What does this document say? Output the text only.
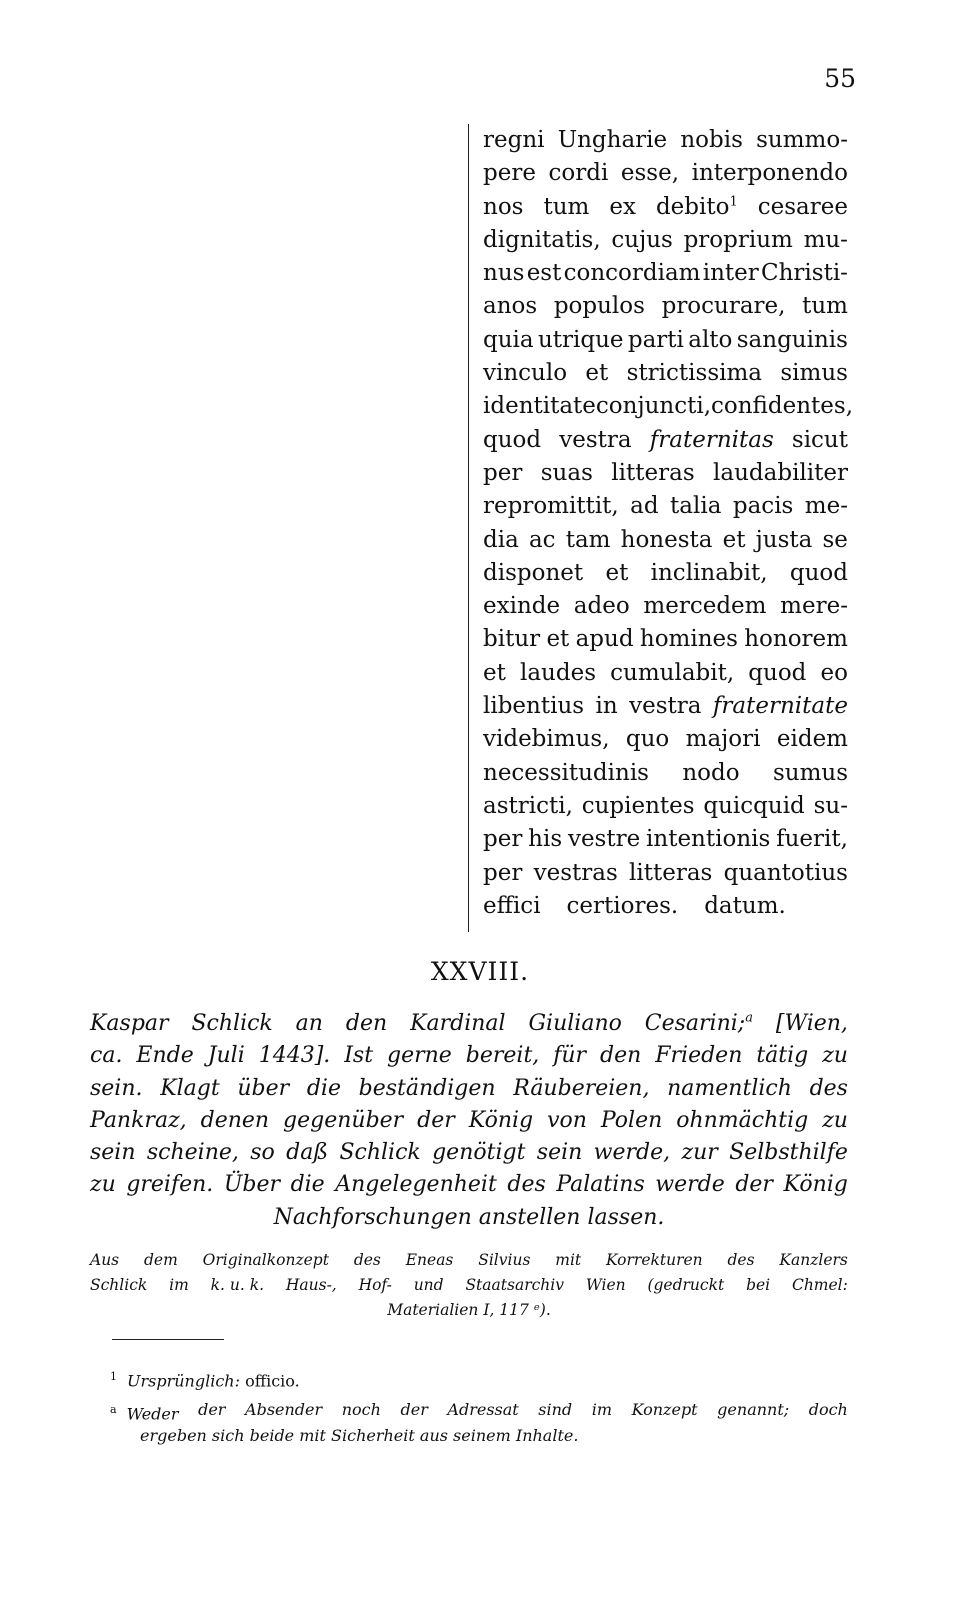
55
regni Ungharie nobis summo-
pere cordi esse, interponendo
nos tum ex debito$^1$ cesaree
dignitatis, cujus proprium mu-
nus est concordiam inter Christi-
anos populos procurare, tum
quia utrique parti alto sanguinis
vinculo et strictissima simus
identitate conjuncti, confidentes,
quod vestra fraternitas sicut
per suas litteras laudabiliter
repromittit, ad talia pacis me-
dia ac tam honesta et justa se
disponet et inclinabit, quod
exinde adeo mercedem mere-
bitur et apud homines honorem
et laudes cumulabit, quod eo
libentius in vestra fraternitate
videbimus, quo majori eidem
necessitudinis nodo sumus
astricti, cupientes quicquid su-
per his vestre intentionis fuerit,
per vestras litteras quantotius
effici certiores. datum.
XXVIII.
Kaspar Schlick an den Kardinal Giuliano Cesarini;$^a$ [Wien,
ca. Ende Juli 1443]. Ist gerne bereit, für den Frieden tätig zu
sein. Klagt über die beständigen Räubereien, namentlich des
Pankraz, denen gegenüber der König von Polen ohnmächtig zu
sein scheine, so daß Schlick genötigt sein werde, zur Selbsthilfe
zu greifen. Über die Angelegenheit des Palatins werde der König
Nachforschungen anstellen lassen.
Aus dem Originalkonzept des Eneas Silvius mit Korrekturen des Kanzlers
Schlick im k. u. k. Haus-, Hof- und Staatsarchiv Wien (gedruckt bei Chmel:
Materialien I, 117 ᵉ).
$^1$ Ursprünglich: officio.
$^a$ Weder der Absender noch der Adressat sind im Konzept genannt; doch
ergeben sich beide mit Sicherheit aus seinem Inhalte.
